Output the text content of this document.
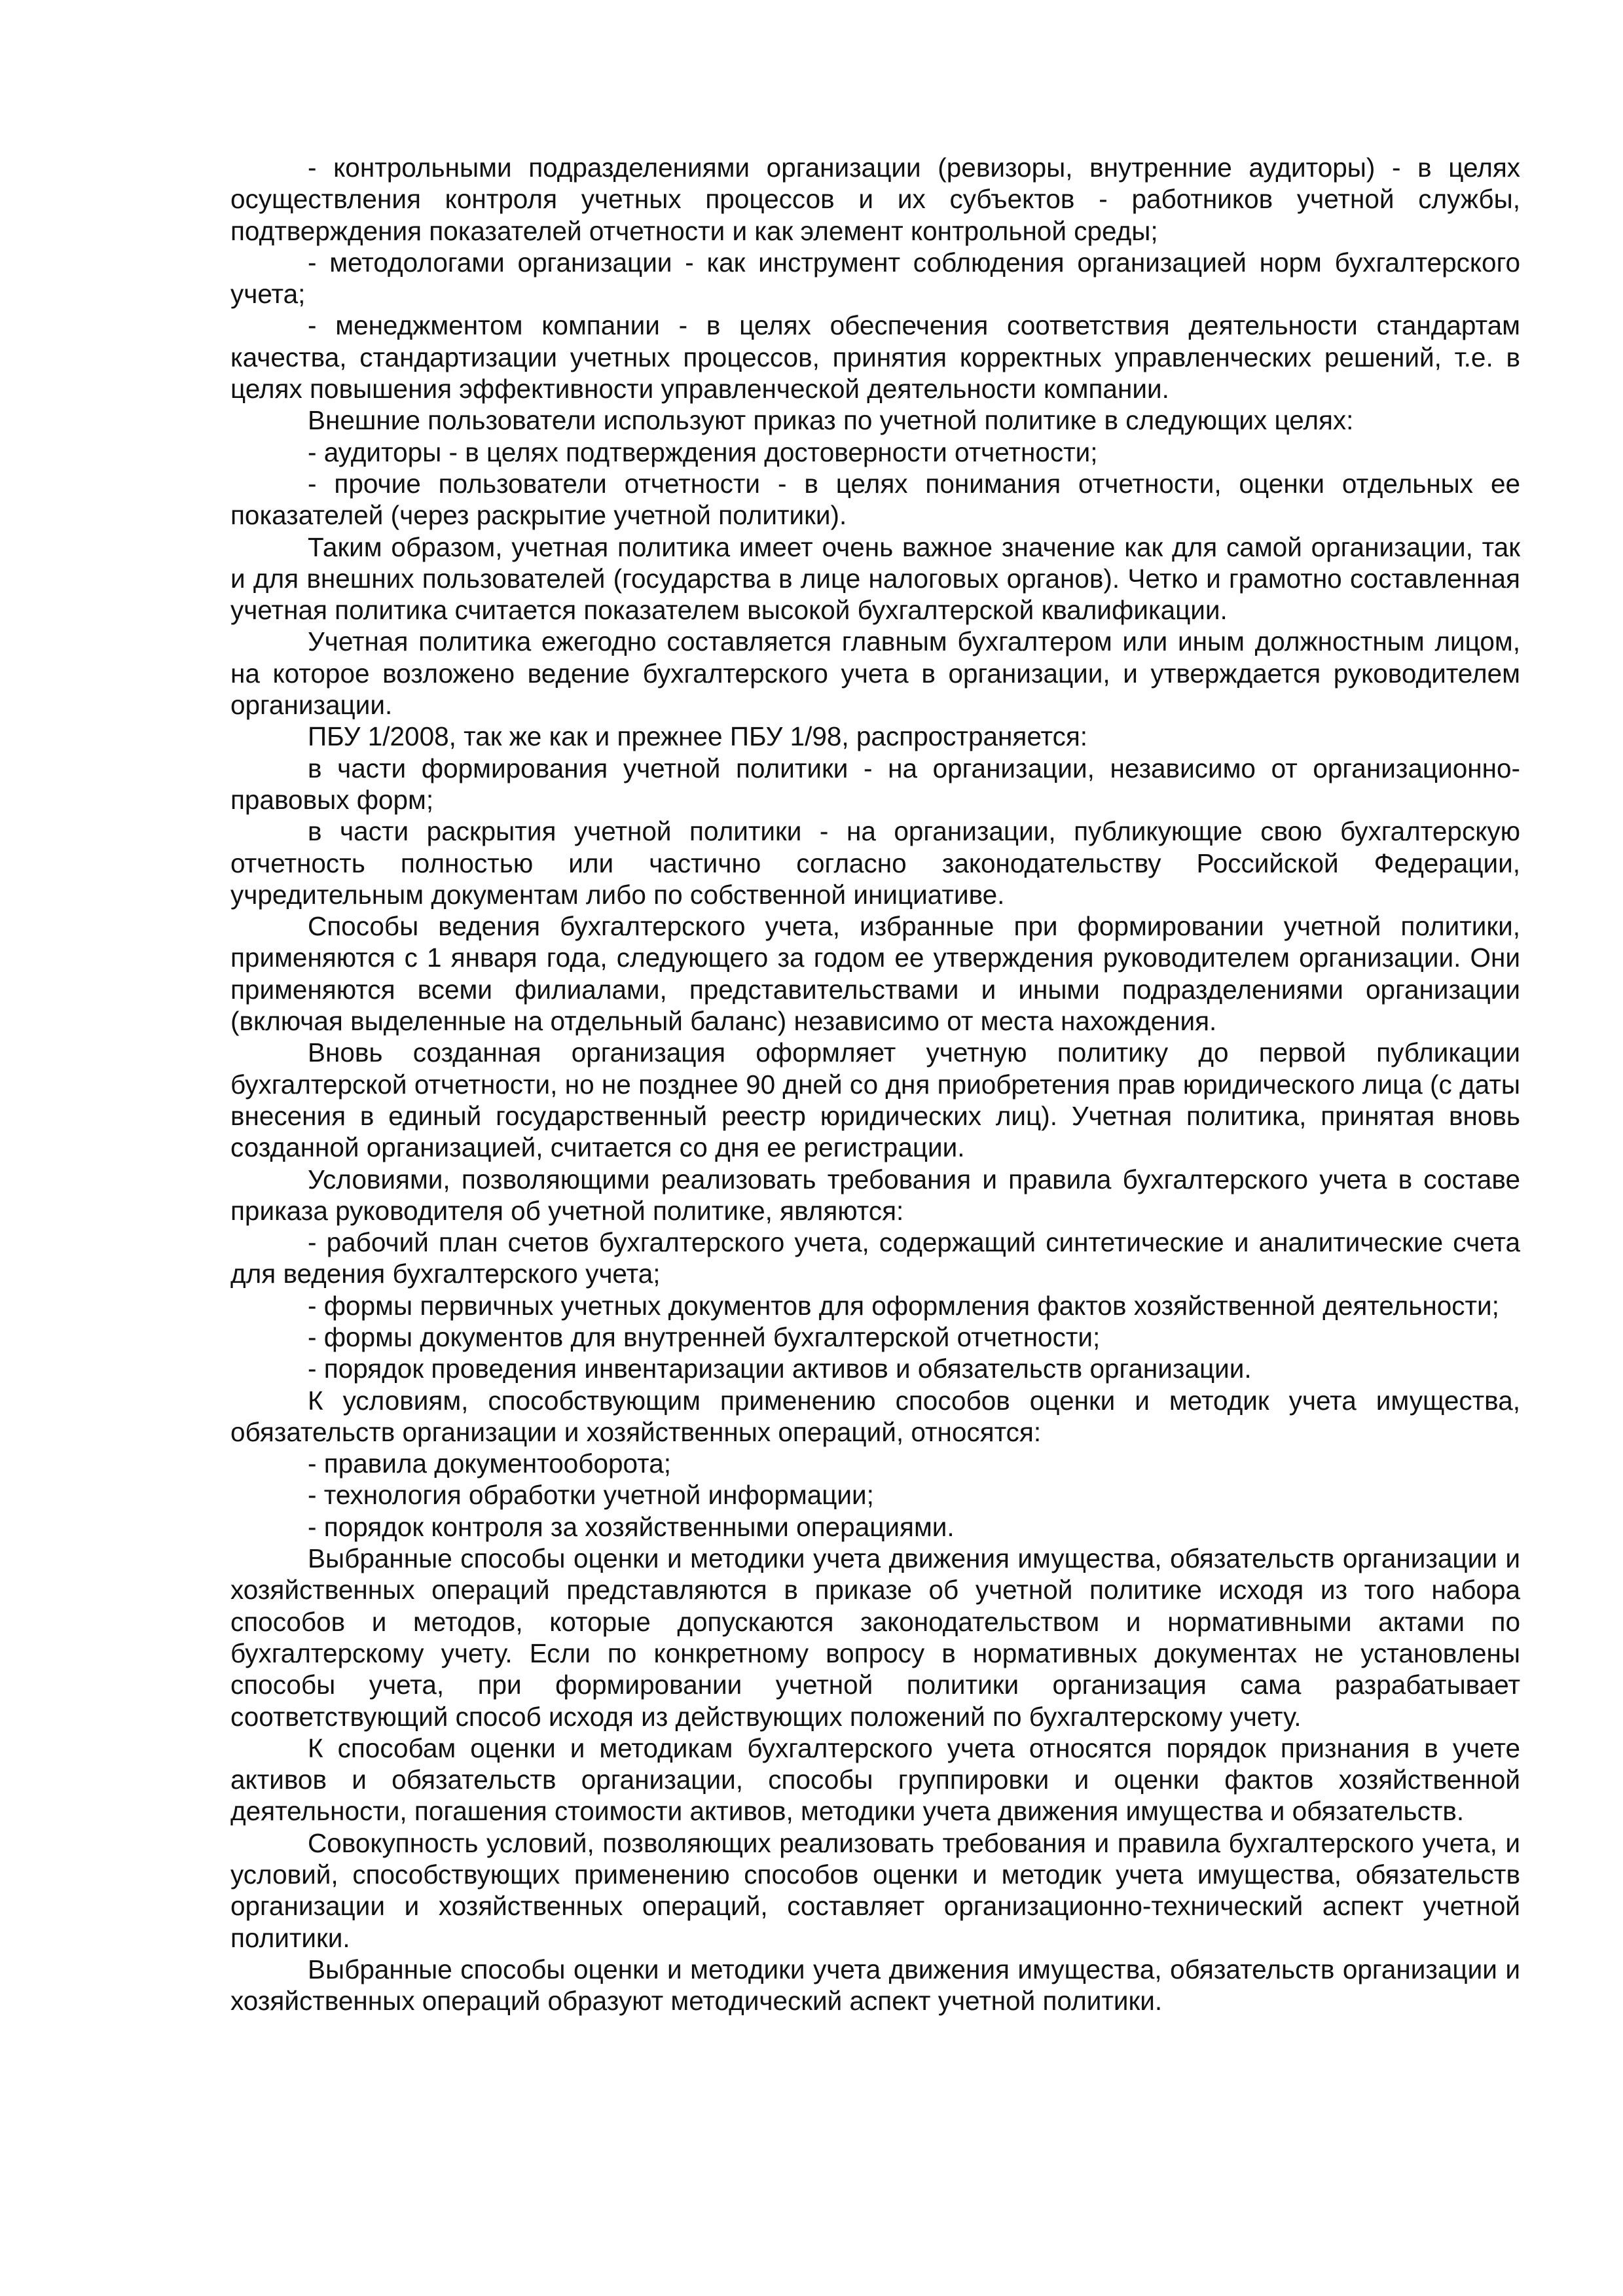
- контрольными подразделениями организации (ревизоры, внутренние аудиторы) - в целях осуществления контроля учетных процессов и их субъектов - работников учетной службы, подтверждения показателей отчетности и как элемент контрольной среды;

- методологами организации - как инструмент соблюдения организацией норм бухгалтерского учета;

- менеджментом компании - в целях обеспечения соответствия деятельности стандартам качества, стандартизации учетных процессов, принятия корректных управленческих решений, т.е. в целях повышения эффективности управленческой деятельности компании.

Внешние пользователи используют приказ по учетной политике в следующих целях:

- аудиторы - в целях подтверждения достоверности отчетности;

- прочие пользователи отчетности - в целях понимания отчетности, оценки отдельных ее показателей (через раскрытие учетной политики).

Таким образом, учетная политика имеет очень важное значение как для самой организации, так и для внешних пользователей (государства в лице налоговых органов). Четко и грамотно составленная учетная политика считается показателем высокой бухгалтерской квалификации.

Учетная политика ежегодно составляется главным бухгалтером или иным должностным лицом, на которое возложено ведение бухгалтерского учета в организации, и утверждается руководителем организации.

ПБУ 1/2008, так же как и прежнее ПБУ 1/98, распространяется:

в части формирования учетной политики - на организации, независимо от организационно-правовых форм;

в части раскрытия учетной политики - на организации, публикующие свою бухгалтерскую отчетность полностью или частично согласно законодательству Российской Федерации, учредительным документам либо по собственной инициативе.

Способы ведения бухгалтерского учета, избранные при формировании учетной политики, применяются с 1 января года, следующего за годом ее утверждения руководителем организации. Они применяются всеми филиалами, представительствами и иными подразделениями организации (включая выделенные на отдельный баланс) независимо от места нахождения.

Вновь созданная организация оформляет учетную политику до первой публикации бухгалтерской отчетности, но не позднее 90 дней со дня приобретения прав юридического лица (с даты внесения в единый государственный реестр юридических лиц). Учетная политика, принятая вновь созданной организацией, считается со дня ее регистрации.

Условиями, позволяющими реализовать требования и правила бухгалтерского учета в составе приказа руководителя об учетной политике, являются:

- рабочий план счетов бухгалтерского учета, содержащий синтетические и аналитические счета для ведения бухгалтерского учета;

- формы первичных учетных документов для оформления фактов хозяйственной деятельности;

- формы документов для внутренней бухгалтерской отчетности;

- порядок проведения инвентаризации активов и обязательств организации.

К условиям, способствующим применению способов оценки и методик учета имущества, обязательств организации и хозяйственных операций, относятся:

- правила документооборота;

- технология обработки учетной информации;

- порядок контроля за хозяйственными операциями.

Выбранные способы оценки и методики учета движения имущества, обязательств организации и хозяйственных операций представляются в приказе об учетной политике исходя из того набора способов и методов, которые допускаются законодательством и нормативными актами по бухгалтерскому учету. Если по конкретному вопросу в нормативных документах не установлены способы учета, при формировании учетной политики организация сама разрабатывает соответствующий способ исходя из действующих положений по бухгалтерскому учету.

К способам оценки и методикам бухгалтерского учета относятся порядок признания в учете активов и обязательств организации, способы группировки и оценки фактов хозяйственной деятельности, погашения стоимости активов, методики учета движения имущества и обязательств.

Совокупность условий, позволяющих реализовать требования и правила бухгалтерского учета, и условий, способствующих применению способов оценки и методик учета имущества, обязательств организации и хозяйственных операций, составляет организационно-технический аспект учетной политики.

Выбранные способы оценки и методики учета движения имущества, обязательств организации и хозяйственных операций образуют методический аспект учетной политики.
